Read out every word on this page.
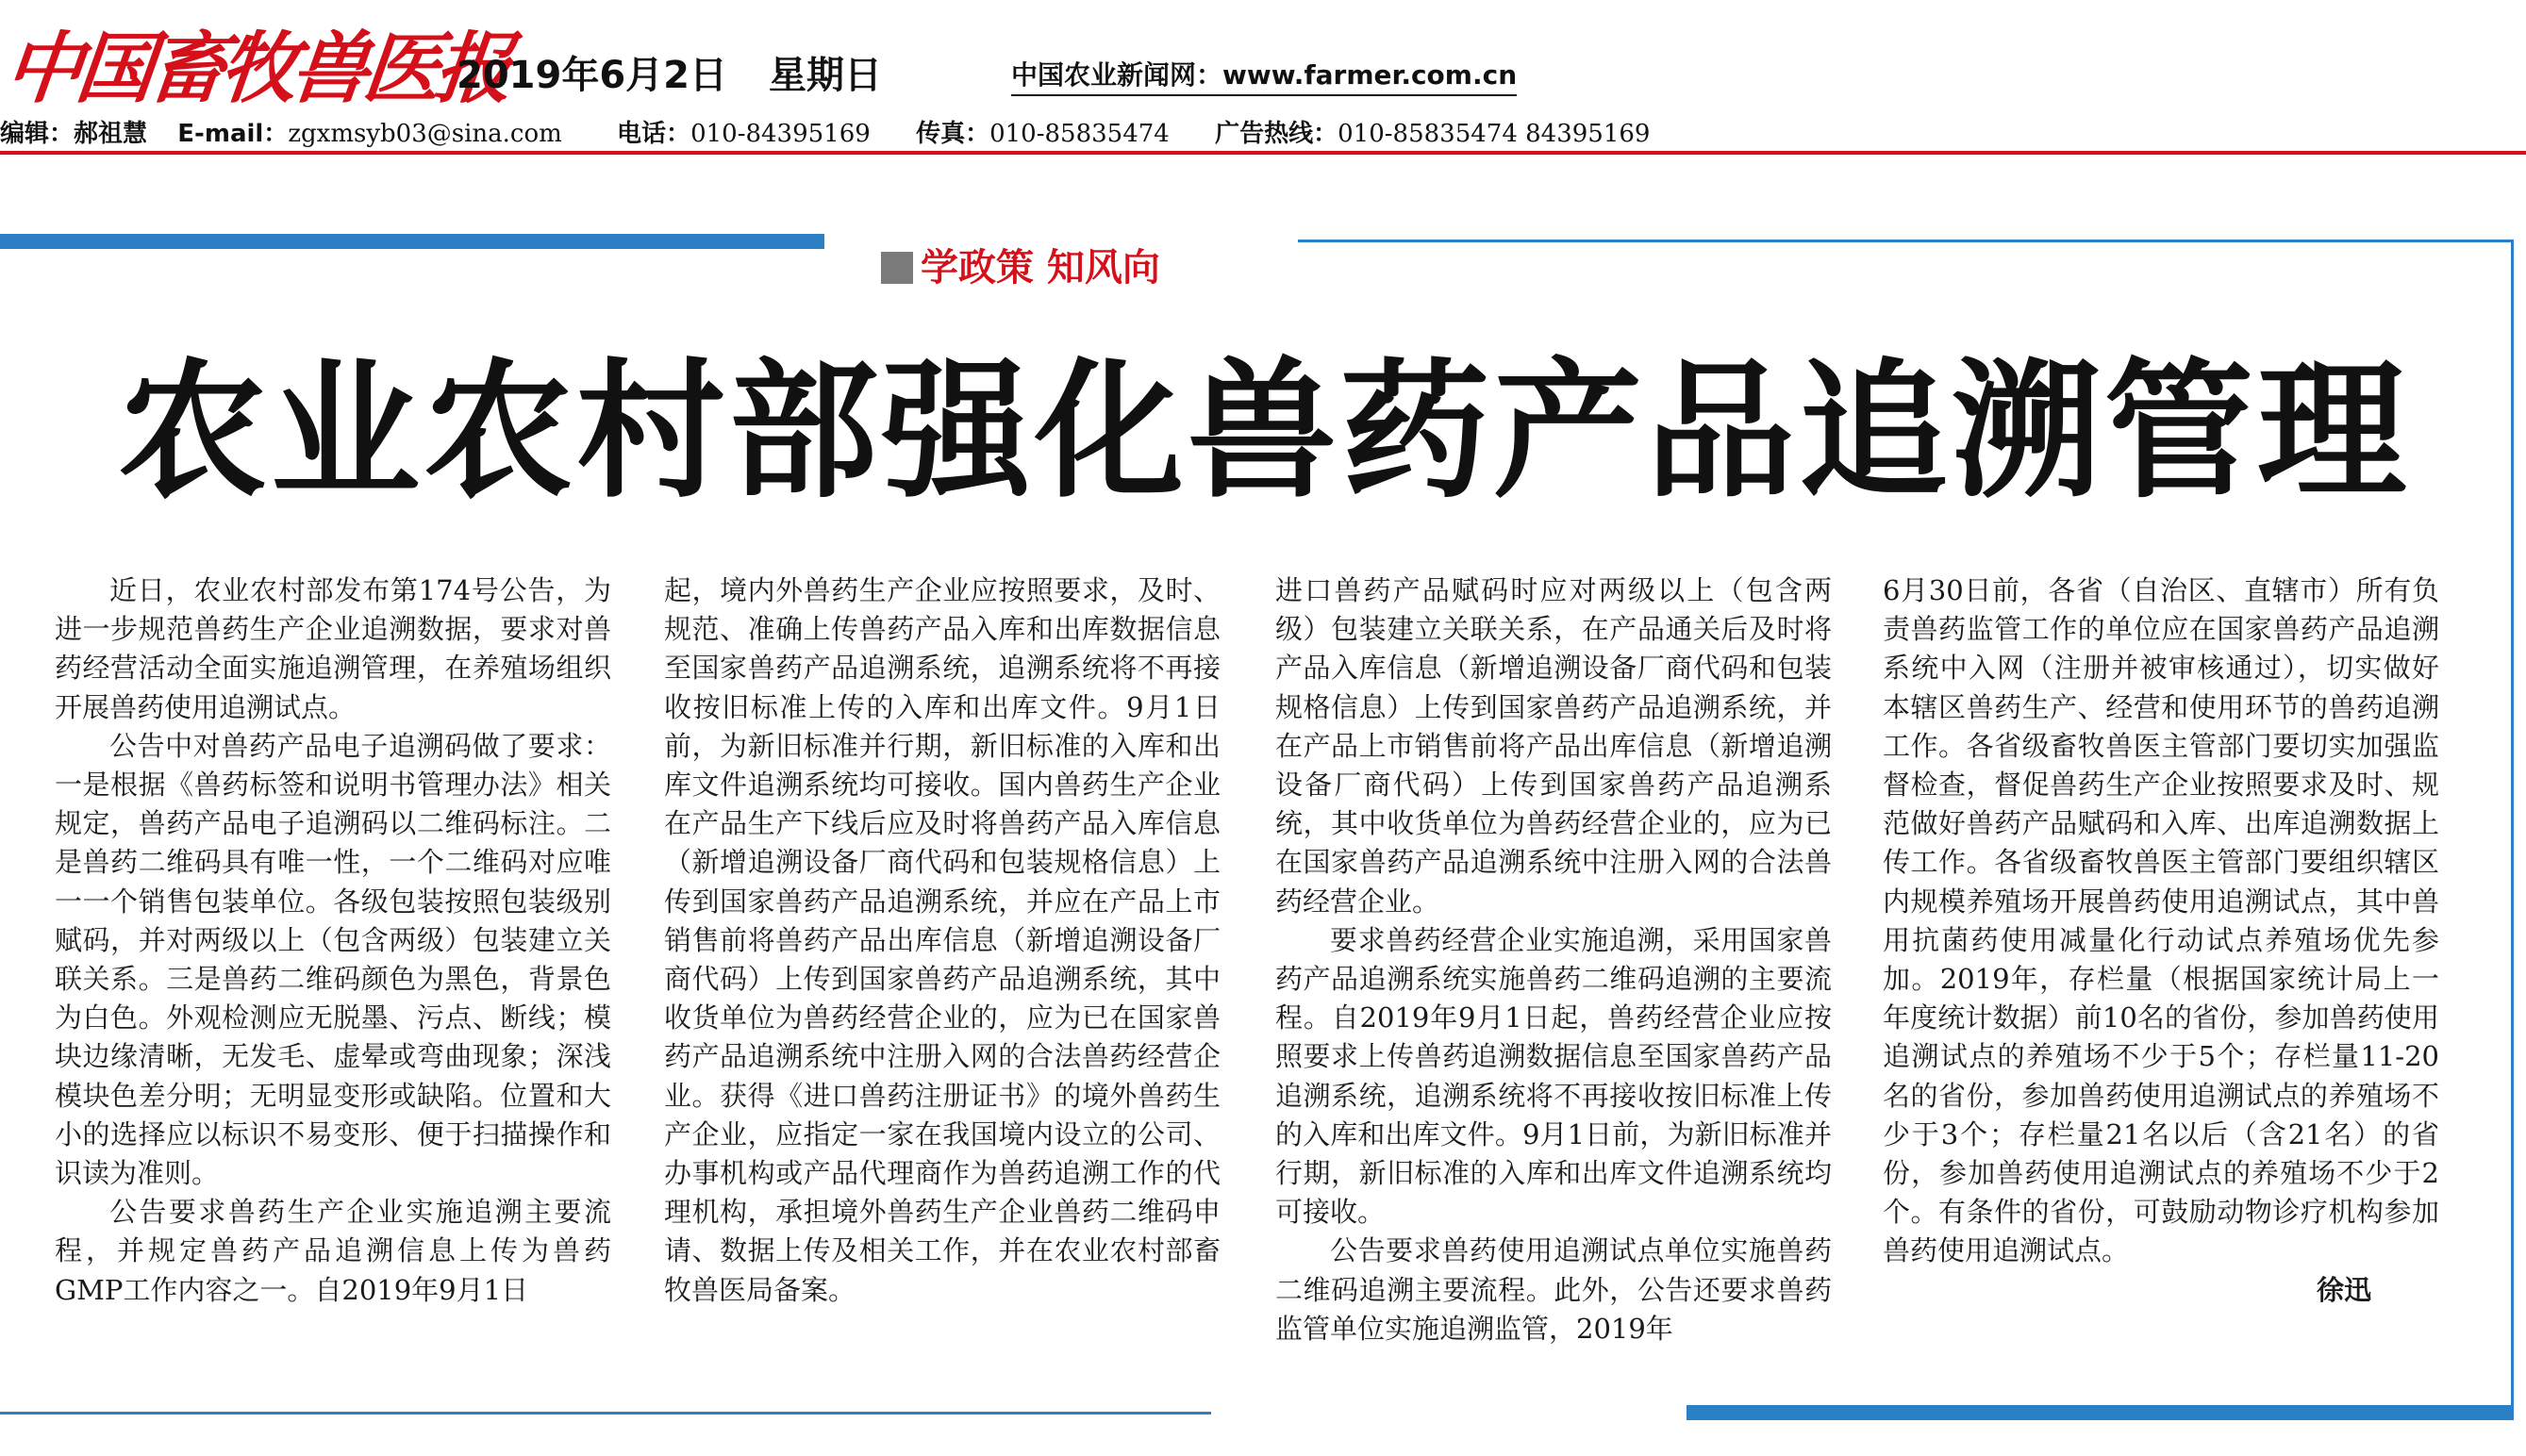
中国畜牧兽医报
2019年6月2日 星期日	中国农业新闻网：www.farmer.com.cn
编辑：郝祖慧 E-mail：zgxmsyb03@sina.com 电话：010-84395169 传真：010-85835474 广告热线：010-85835474 84395169
学政策 知风向
农业农村部强化兽药产品追溯管理

近日，农业农村部发布第174号公告，为进一步规范兽药生产企业追溯数据，要求对兽药经营活动全面实施追溯管理，在养殖场组织开展兽药使用追溯试点。

公告中对兽药产品电子追溯码做了要求：一是根据《兽药标签和说明书管理办法》相关规定，兽药产品电子追溯码以二维码标注。二是兽药二维码具有唯一性，一个二维码对应唯一一个销售包装单位。各级包装按照包装级别赋码，并对两级以上（包含两级）包装建立关联关系。三是兽药二维码颜色为黑色，背景色为白色。外观检测应无脱墨、污点、断线；模块边缘清晰，无发毛、虚晕或弯曲现象；深浅模块色差分明；无明显变形或缺陷。位置和大小的选择应以标识不易变形、便于扫描操作和识读为准则。

公告要求兽药生产企业实施追溯主要流程，并规定兽药产品追溯信息上传为兽药GMP工作内容之一。自2019年9月1日

起，境内外兽药生产企业应按照要求，及时、规范、准确上传兽药产品入库和出库数据信息至国家兽药产品追溯系统，追溯系统将不再接收按旧标准上传的入库和出库文件。9月1日前，为新旧标准并行期，新旧标准的入库和出库文件追溯系统均可接收。国内兽药生产企业在产品生产下线后应及时将兽药产品入库信息（新增追溯设备厂商代码和包装规格信息）上传到国家兽药产品追溯系统，并应在产品上市销售前将兽药产品出库信息（新增追溯设备厂商代码）上传到国家兽药产品追溯系统，其中收货单位为兽药经营企业的，应为已在国家兽药产品追溯系统中注册入网的合法兽药经营企业。获得《进口兽药注册证书》的境外兽药生产企业，应指定一家在我国境内设立的公司、办事机构或产品代理商作为兽药追溯工作的代理机构，承担境外兽药生产企业兽药二维码申请、数据上传及相关工作，并在农业农村部畜牧兽医局备案。

进口兽药产品赋码时应对两级以上（包含两级）包装建立关联关系，在产品通关后及时将产品入库信息（新增追溯设备厂商代码和包装规格信息）上传到国家兽药产品追溯系统，并在产品上市销售前将产品出库信息（新增追溯设备厂商代码）上传到国家兽药产品追溯系统，其中收货单位为兽药经营企业的，应为已在国家兽药产品追溯系统中注册入网的合法兽药经营企业。

要求兽药经营企业实施追溯，采用国家兽药产品追溯系统实施兽药二维码追溯的主要流程。自2019年9月1日起，兽药经营企业应按照要求上传兽药追溯数据信息至国家兽药产品追溯系统，追溯系统将不再接收按旧标准上传的入库和出库文件。9月1日前，为新旧标准并行期，新旧标准的入库和出库文件追溯系统均可接收。

公告要求兽药使用追溯试点单位实施兽药二维码追溯主要流程。此外，公告还要求兽药监管单位实施追溯监管，2019年

6月30日前，各省（自治区、直辖市）所有负责兽药监管工作的单位应在国家兽药产品追溯系统中入网（注册并被审核通过），切实做好本辖区兽药生产、经营和使用环节的兽药追溯工作。各省级畜牧兽医主管部门要切实加强监督检查，督促兽药生产企业按照要求及时、规范做好兽药产品赋码和入库、出库追溯数据上传工作。各省级畜牧兽医主管部门要组织辖区内规模养殖场开展兽药使用追溯试点，其中兽用抗菌药使用减量化行动试点养殖场优先参加。2019年，存栏量（根据国家统计局上一年度统计数据）前10名的省份，参加兽药使用追溯试点的养殖场不少于5个；存栏量11-20名的省份，参加兽药使用追溯试点的养殖场不少于3个；存栏量21名以后（含21名）的省份，参加兽药使用追溯试点的养殖场不少于2个。有条件的省份，可鼓励动物诊疗机构参加兽药使用追溯试点。

徐迅
